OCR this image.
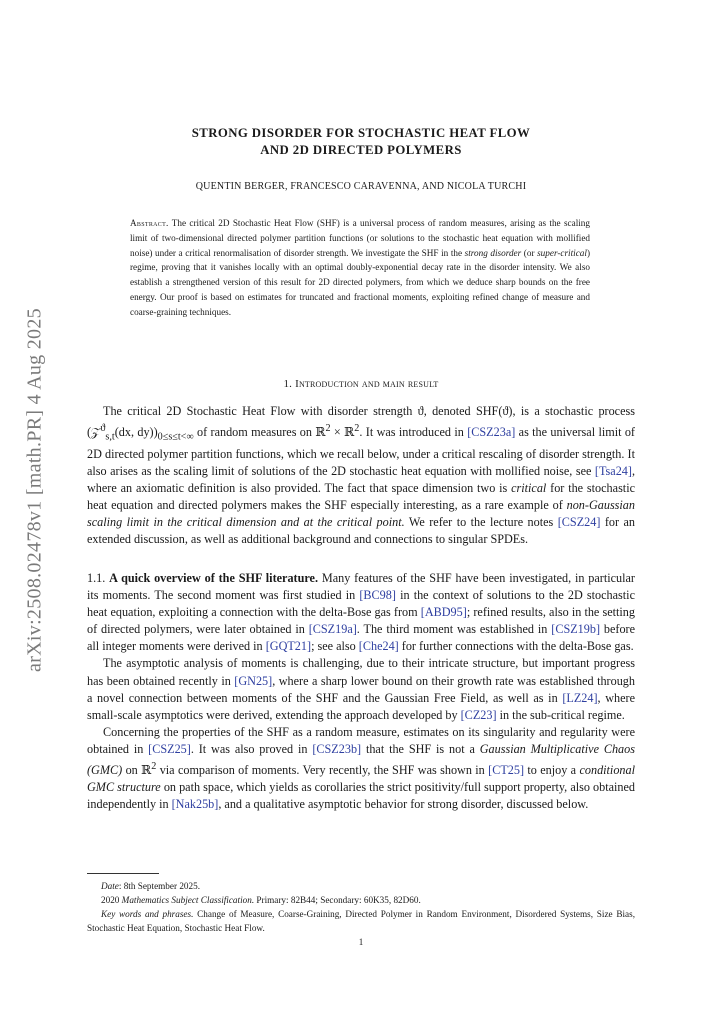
arXiv:2508.02478v1 [math.PR] 4 Aug 2025
STRONG DISORDER FOR STOCHASTIC HEAT FLOW
AND 2D DIRECTED POLYMERS
QUENTIN BERGER, FRANCESCO CARAVENNA, AND NICOLA TURCHI
Abstract. The critical 2D Stochastic Heat Flow (SHF) is a universal process of random measures, arising as the scaling limit of two-dimensional directed polymer partition functions (or solutions to the stochastic heat equation with mollified noise) under a critical renormalisation of disorder strength. We investigate the SHF in the strong disorder (or super-critical) regime, proving that it vanishes locally with an optimal doubly-exponential decay rate in the disorder intensity. We also establish a strengthened version of this result for 2D directed polymers, from which we deduce sharp bounds on the free energy. Our proof is based on estimates for truncated and fractional moments, exploiting refined change of measure and coarse-graining techniques.
1. Introduction and main result

The critical 2D Stochastic Heat Flow with disorder strength ϑ, denoted SHF(ϑ), is a stochastic process (𝒵$^ϑ_{s,t}$(dx, $dy))_{0\le s\le t<\infty}$ of random measures on ℝ$^2$ × ℝ$^2$. It was introduced in [CSZ23a] as the universal limit of 2D directed polymer partition functions, which we recall below, under a critical rescaling of disorder strength. It also arises as the scaling limit of solutions of the 2D stochastic heat equation with mollified noise, see [Tsa24], where an axiomatic definition is also provided. The fact that space dimension two is critical for the stochastic heat equation and directed polymers makes the SHF especially interesting, as a rare example of non-Gaussian scaling limit in the critical dimension and at the critical point. We refer to the lecture notes [CSZ24] for an extended discussion, as well as additional background and connections to singular SPDEs.

1.1. A quick overview of the SHF literature. Many features of the SHF have been investigated, in particular its moments. The second moment was first studied in [BC98] in the context of solutions to the 2D stochastic heat equation, exploiting a connection with the delta-Bose gas from [ABD95]; refined results, also in the setting of directed polymers, were later obtained in [CSZ19a]. The third moment was established in [CSZ19b] before all integer moments were derived in [GQT21]; see also [Che24] for further connections with the delta-Bose gas.

The asymptotic analysis of moments is challenging, due to their intricate structure, but important progress has been obtained recently in [GN25], where a sharp lower bound on their growth rate was established through a novel connection between moments of the SHF and the Gaussian Free Field, as well as in [LZ24], where small-scale asymptotics were derived, extending the approach developed by [CZ23] in the sub-critical regime.

Concerning the properties of the SHF as a random measure, estimates on its singularity and regularity were obtained in [CSZ25]. It was also proved in [CSZ23b] that the SHF is not a Gaussian Multiplicative Chaos (GMC) on ℝ$^2$ via comparison of moments. Very recently, the SHF was shown in [CT25] to enjoy a conditional GMC structure on path space, which yields as corollaries the strict positivity/full support property, also obtained independently in [Nak25b], and a qualitative asymptotic behavior for strong disorder, discussed below.

Date: 8th September 2025.
2020 Mathematics Subject Classification. Primary: 82B44; Secondary: 60K35, 82D60.
Key words and phrases. Change of Measure, Coarse-Graining, Directed Polymer in Random Environment, Disordered Systems, Size Bias, Stochastic Heat Equation, Stochastic Heat Flow.
1
